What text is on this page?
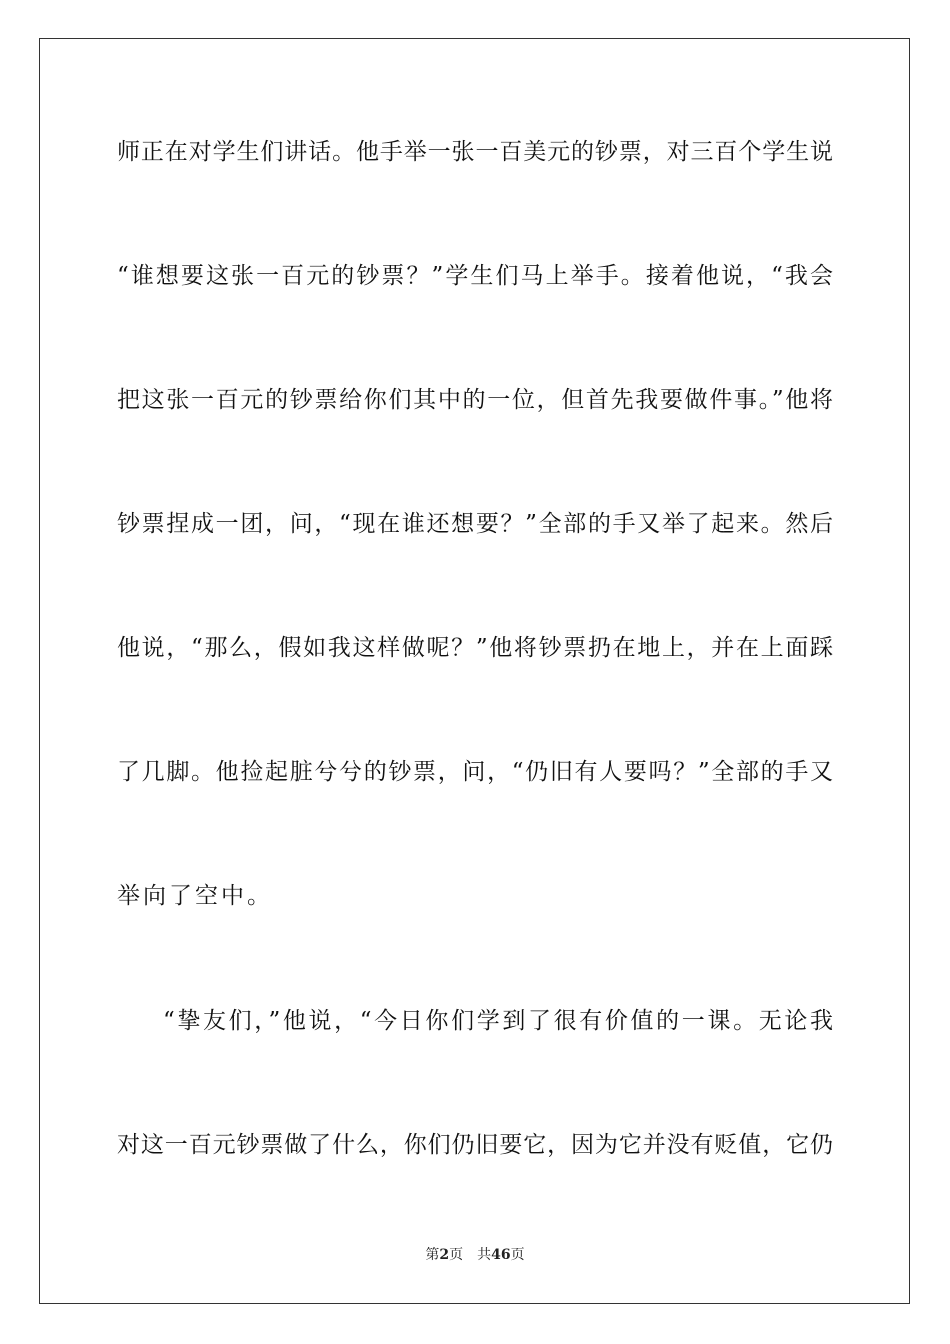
师正在对学生们讲话。他手举一张一百美元的钞票，对三百个学生说
“谁想要这张一百元的钞票？”学生们马上举手。接着他说，“我会
把这张一百元的钞票给你们其中的一位，但首先我要做件事。”他将
钞票捏成一团，问，“现在谁还想要？”全部的手又举了起来。然后
他说，“那么，假如我这样做呢？”他将钞票扔在地上，并在上面踩
了几脚。他捡起脏兮兮的钞票，问，“仍旧有人要吗？”全部的手又
举向了空中。
“挚友们，”他说，“今日你们学到了很有价值的一课。无论我
对这一百元钞票做了什么，你们仍旧要它，因为它并没有贬值，它仍
第2页 共46页
